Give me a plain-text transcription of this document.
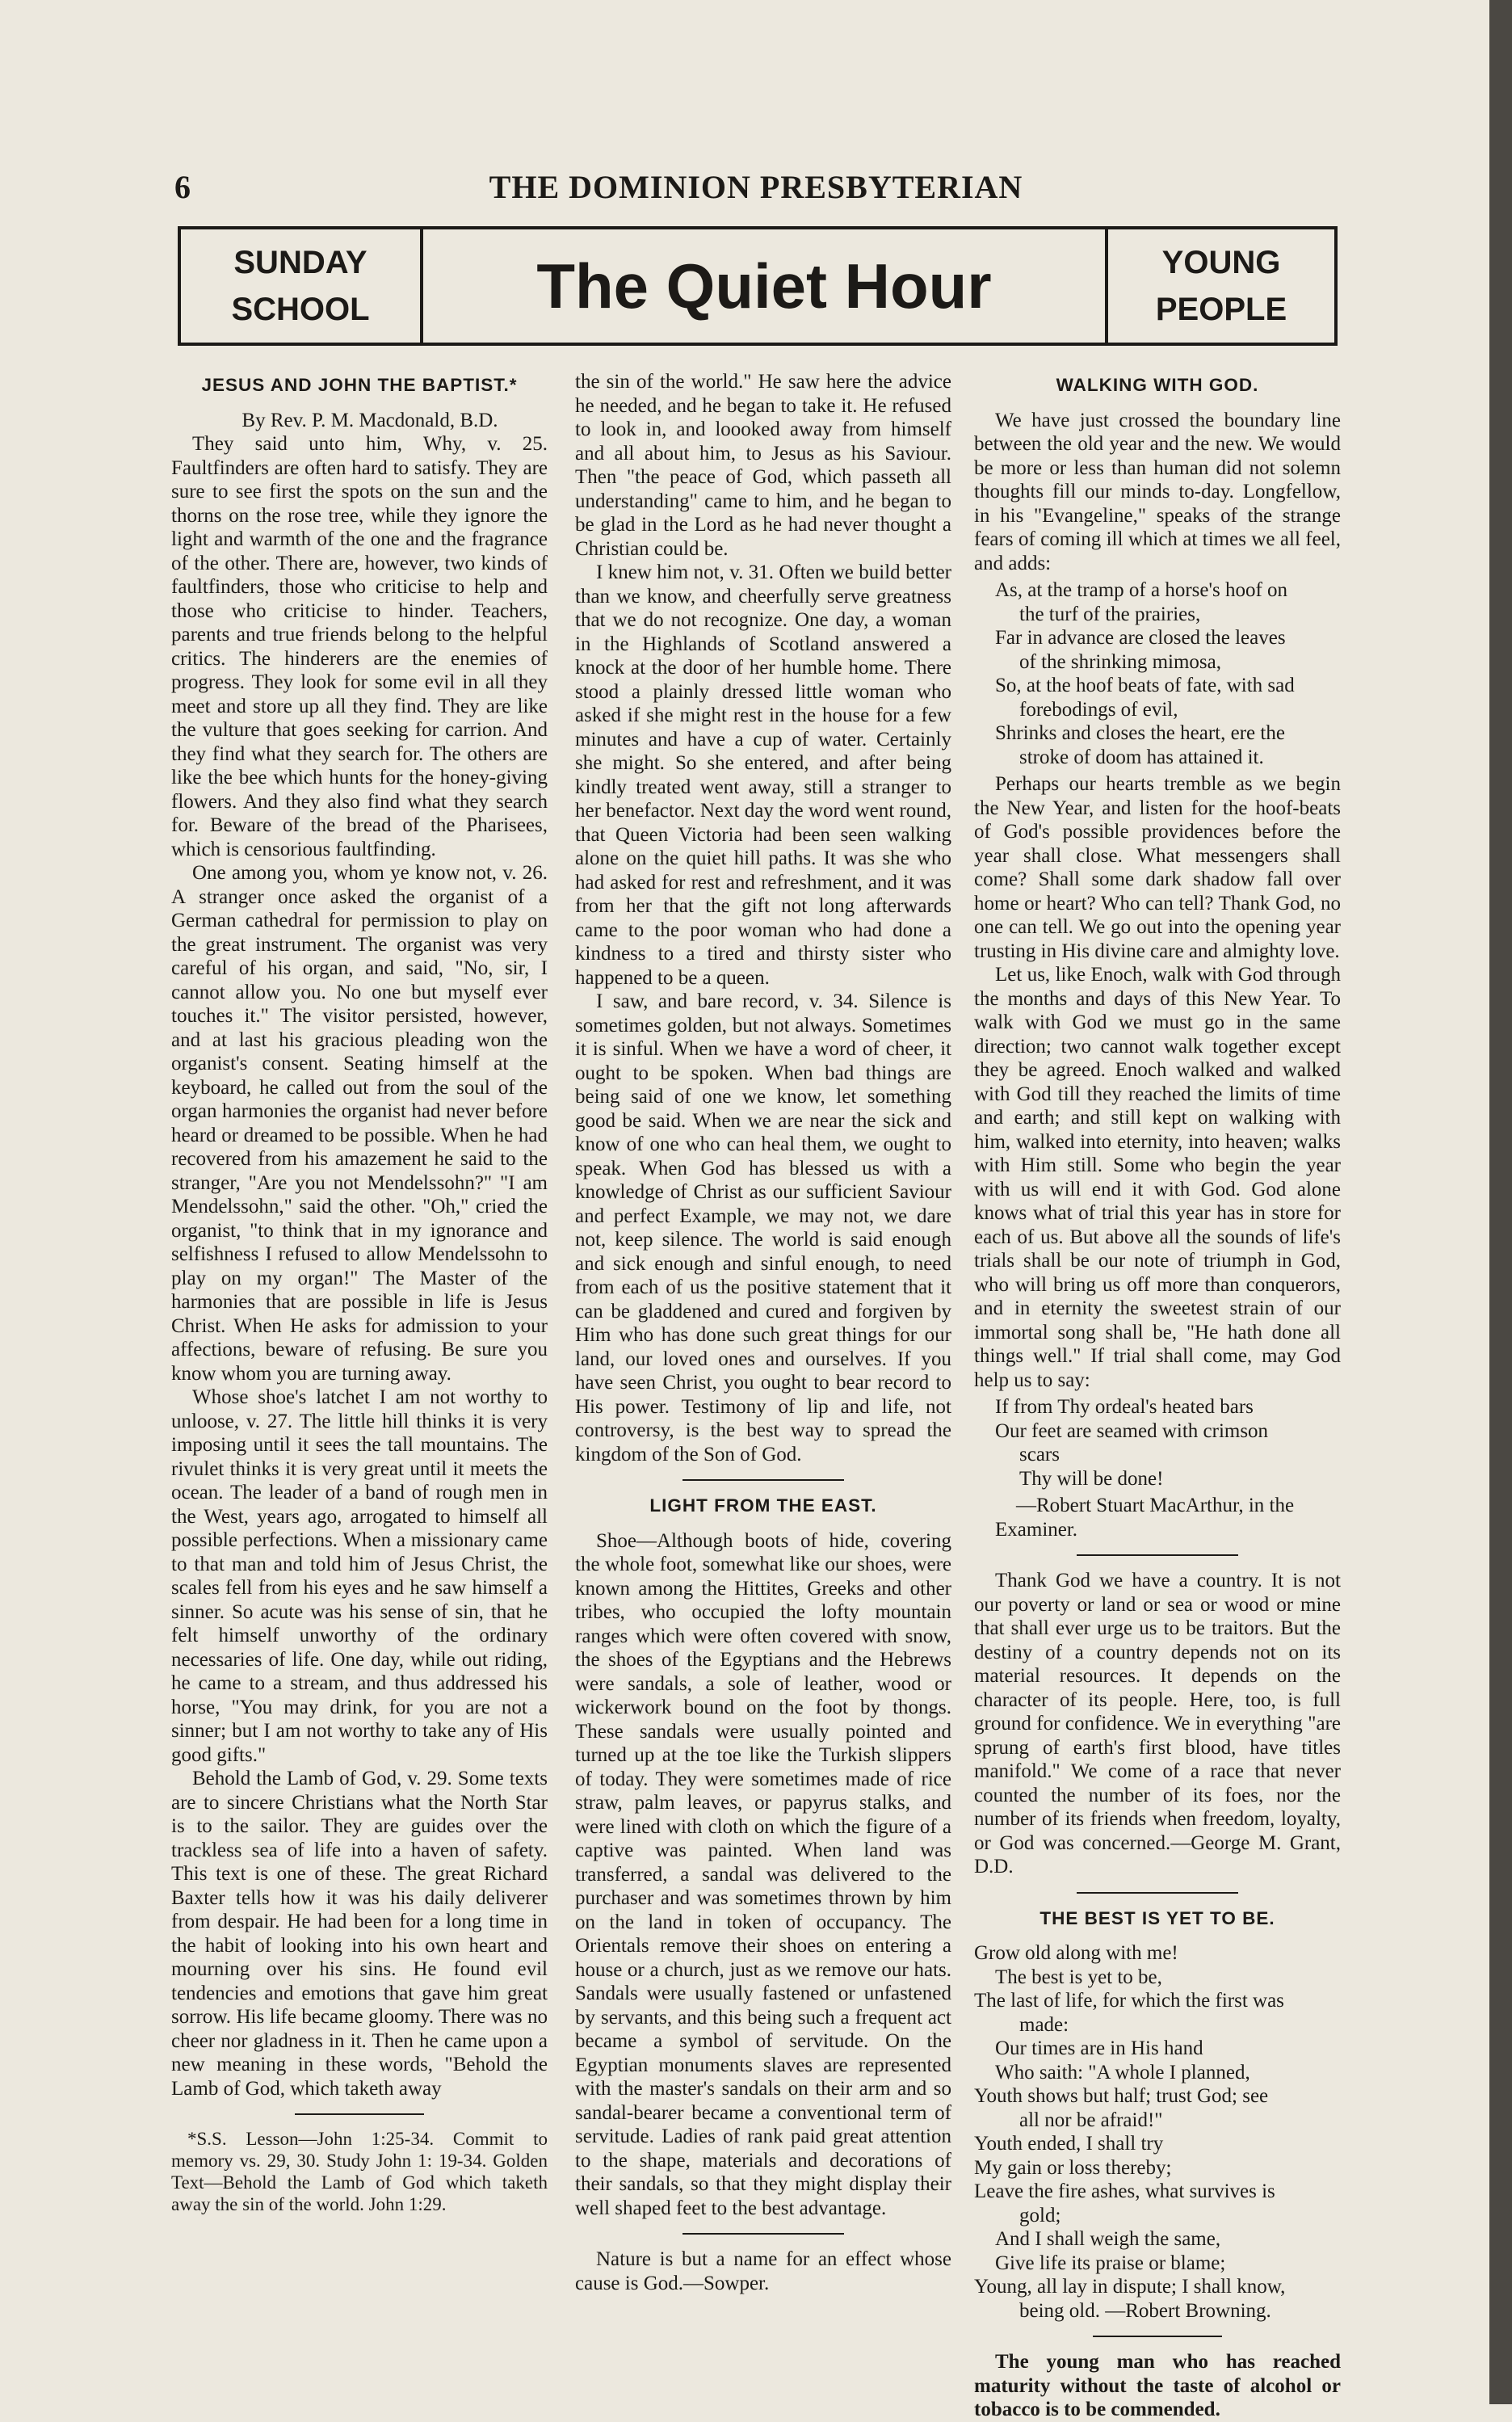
6	THE DOMINION PRESBYTERIAN
SUNDAY
SCHOOL	The Quiet Hour	YOUNG
PEOPLE
JESUS AND JOHN THE BAPTIST.*

By Rev. P. M. Macdonald, B.D.

They said unto him, Why, v. 25. Faultfinders are often hard to satisfy. They are sure to see first the spots on the sun and the thorns on the rose tree, while they ignore the light and warmth of the one and the fragrance of the other. There are, however, two kinds of faultfinders, those who criticise to help and those who criticise to hinder. Teachers, parents and true friends belong to the helpful critics. The hinderers are the enemies of progress. They look for some evil in all they meet and store up all they find. They are like the vulture that goes seeking for carrion. And they find what they search for. The others are like the bee which hunts for the honey-giving flowers. And they also find what they search for. Beware of the bread of the Pharisees, which is censorious faultfinding.

One among you, whom ye know not, v. 26. A stranger once asked the organist of a German cathedral for permission to play on the great instrument. The organist was very careful of his organ, and said, "No, sir, I cannot allow you. No one but myself ever touches it." The visitor persisted, however, and at last his gracious pleading won the organist's consent. Seating himself at the keyboard, he called out from the soul of the organ harmonies the organist had never before heard or dreamed to be possible. When he had recovered from his amazement he said to the stranger, "Are you not Mendelssohn?" "I am Mendelssohn," said the other. "Oh," cried the organist, "to think that in my ignorance and selfishness I refused to allow Mendelssohn to play on my organ!" The Master of the harmonies that are possible in life is Jesus Christ. When He asks for admission to your affections, beware of refusing. Be sure you know whom you are turning away.

Whose shoe's latchet I am not worthy to unloose, v. 27. The little hill thinks it is very imposing until it sees the tall mountains. The rivulet thinks it is very great until it meets the ocean. The leader of a band of rough men in the West, years ago, arrogated to himself all possible perfections. When a missionary came to that man and told him of Jesus Christ, the scales fell from his eyes and he saw himself a sinner. So acute was his sense of sin, that he felt himself unworthy of the ordinary necessaries of life. One day, while out riding, he came to a stream, and thus addressed his horse, "You may drink, for you are not a sinner; but I am not worthy to take any of His good gifts."

Behold the Lamb of God, v. 29. Some texts are to sincere Christians what the North Star is to the sailor. They are guides over the trackless sea of life into a haven of safety. This text is one of these. The great Richard Baxter tells how it was his daily deliverer from despair. He had been for a long time in the habit of looking into his own heart and mourning over his sins. He found evil tendencies and emotions that gave him great sorrow. His life became gloomy. There was no cheer nor gladness in it. Then he came upon a new meaning in these words, "Behold the Lamb of God, which taketh away

*S.S. Lesson—John 1:25-34. Commit to memory vs. 29, 30. Study John 1: 19-34. Golden Text—Behold the Lamb of God which taketh away the sin of the world. John 1:29.

the sin of the world." He saw here the advice he needed, and he began to take it. He refused to look in, and loooked away from himself and all about him, to Jesus as his Saviour. Then "the peace of God, which passeth all understanding" came to him, and he began to be glad in the Lord as he had never thought a Christian could be.

I knew him not, v. 31. Often we build better than we know, and cheerfully serve greatness that we do not recognize. One day, a woman in the Highlands of Scotland answered a knock at the door of her humble home. There stood a plainly dressed little woman who asked if she might rest in the house for a few minutes and have a cup of water. Certainly she might. So she entered, and after being kindly treated went away, still a stranger to her benefactor. Next day the word went round, that Queen Victoria had been seen walking alone on the quiet hill paths. It was she who had asked for rest and refreshment, and it was from her that the gift not long afterwards came to the poor woman who had done a kindness to a tired and thirsty sister who happened to be a queen.

I saw, and bare record, v. 34. Silence is sometimes golden, but not always. Sometimes it is sinful. When we have a word of cheer, it ought to be spoken. When bad things are being said of one we know, let something good be said. When we are near the sick and know of one who can heal them, we ought to speak. When God has blessed us with a knowledge of Christ as our sufficient Saviour and perfect Example, we may not, we dare not, keep silence. The world is said enough and sick enough and sinful enough, to need from each of us the positive statement that it can be gladdened and cured and forgiven by Him who has done such great things for our land, our loved ones and ourselves. If you have seen Christ, you ought to bear record to His power. Testimony of lip and life, not controversy, is the best way to spread the kingdom of the Son of God.

LIGHT FROM THE EAST.

Shoe—Although boots of hide, covering the whole foot, somewhat like our shoes, were known among the Hittites, Greeks and other tribes, who occupied the lofty mountain ranges which were often covered with snow, the shoes of the Egyptians and the Hebrews were sandals, a sole of leather, wood or wickerwork bound on the foot by thongs. These sandals were usually pointed and turned up at the toe like the Turkish slippers of today. They were sometimes made of rice straw, palm leaves, or papyrus stalks, and were lined with cloth on which the figure of a captive was painted. When land was transferred, a sandal was delivered to the purchaser and was sometimes thrown by him on the land in token of occupancy. The Orientals remove their shoes on entering a house or a church, just as we remove our hats. Sandals were usually fastened or unfastened by servants, and this being such a frequent act became a symbol of servitude. On the Egyptian monuments slaves are represented with the master's sandals on their arm and so sandal-bearer became a conventional term of servitude. Ladies of rank paid great attention to the shape, materials and decorations of their sandals, so that they might display their well shaped feet to the best advantage.

Nature is but a name for an effect whose cause is God.—Sowper.

WALKING WITH GOD.

We have just crossed the boundary line between the old year and the new. We would be more or less than human did not solemn thoughts fill our minds to-day. Longfellow, in his "Evangeline," speaks of the strange fears of coming ill which at times we all feel, and adds:

As, at the tramp of a horse's hoof on
the turf of the prairies,
Far in advance are closed the leaves
of the shrinking mimosa,
So, at the hoof beats of fate, with sad
forebodings of evil,
Shrinks and closes the heart, ere the
stroke of doom has attained it.

Perhaps our hearts tremble as we begin the New Year, and listen for the hoof-beats of God's possible providences before the year shall close. What messengers shall come? Shall some dark shadow fall over home or heart? Who can tell? Thank God, no one can tell. We go out into the opening year trusting in His divine care and almighty love.

Let us, like Enoch, walk with God through the months and days of this New Year. To walk with God we must go in the same direction; two cannot walk together except they be agreed. Enoch walked and walked with God till they reached the limits of time and earth; and still kept on walking with him, walked into eternity, into heaven; walks with Him still. Some who begin the year with us will end it with God. God alone knows what of trial this year has in store for each of us. But above all the sounds of life's trials shall be our note of triumph in God, who will bring us off more than conquerors, and in eternity the sweetest strain of our immortal song shall be, "He hath done all things well." If trial shall come, may God help us to say:

If from Thy ordeal's heated bars
Our feet are seamed with crimson
scars
Thy will be done!

—Robert Stuart MacArthur, in the Examiner.

Thank God we have a country. It is not our poverty or land or sea or wood or mine that shall ever urge us to be traitors. But the destiny of a country depends not on its material resources. It depends on the character of its people. Here, too, is full ground for confidence. We in everything "are sprung of earth's first blood, have titles manifold." We come of a race that never counted the number of its foes, nor the number of its friends when freedom, loyalty, or God was concerned.—George M. Grant, D.D.

THE BEST IS YET TO BE.
Grow old along with me!
The best is yet to be,
The last of life, for which the first was
made:
Our times are in His hand
Who saith: "A whole I planned,
Youth shows but half; trust God; see
all nor be afraid!"
Youth ended, I shall try
My gain or loss thereby;
Leave the fire ashes, what survives is
gold;
And I shall weigh the same,
Give life its praise or blame;
Young, all lay in dispute; I shall know,
being old. —Robert Browning.

The young man who has reached maturity without the taste of alcohol or tobacco is to be commended.
